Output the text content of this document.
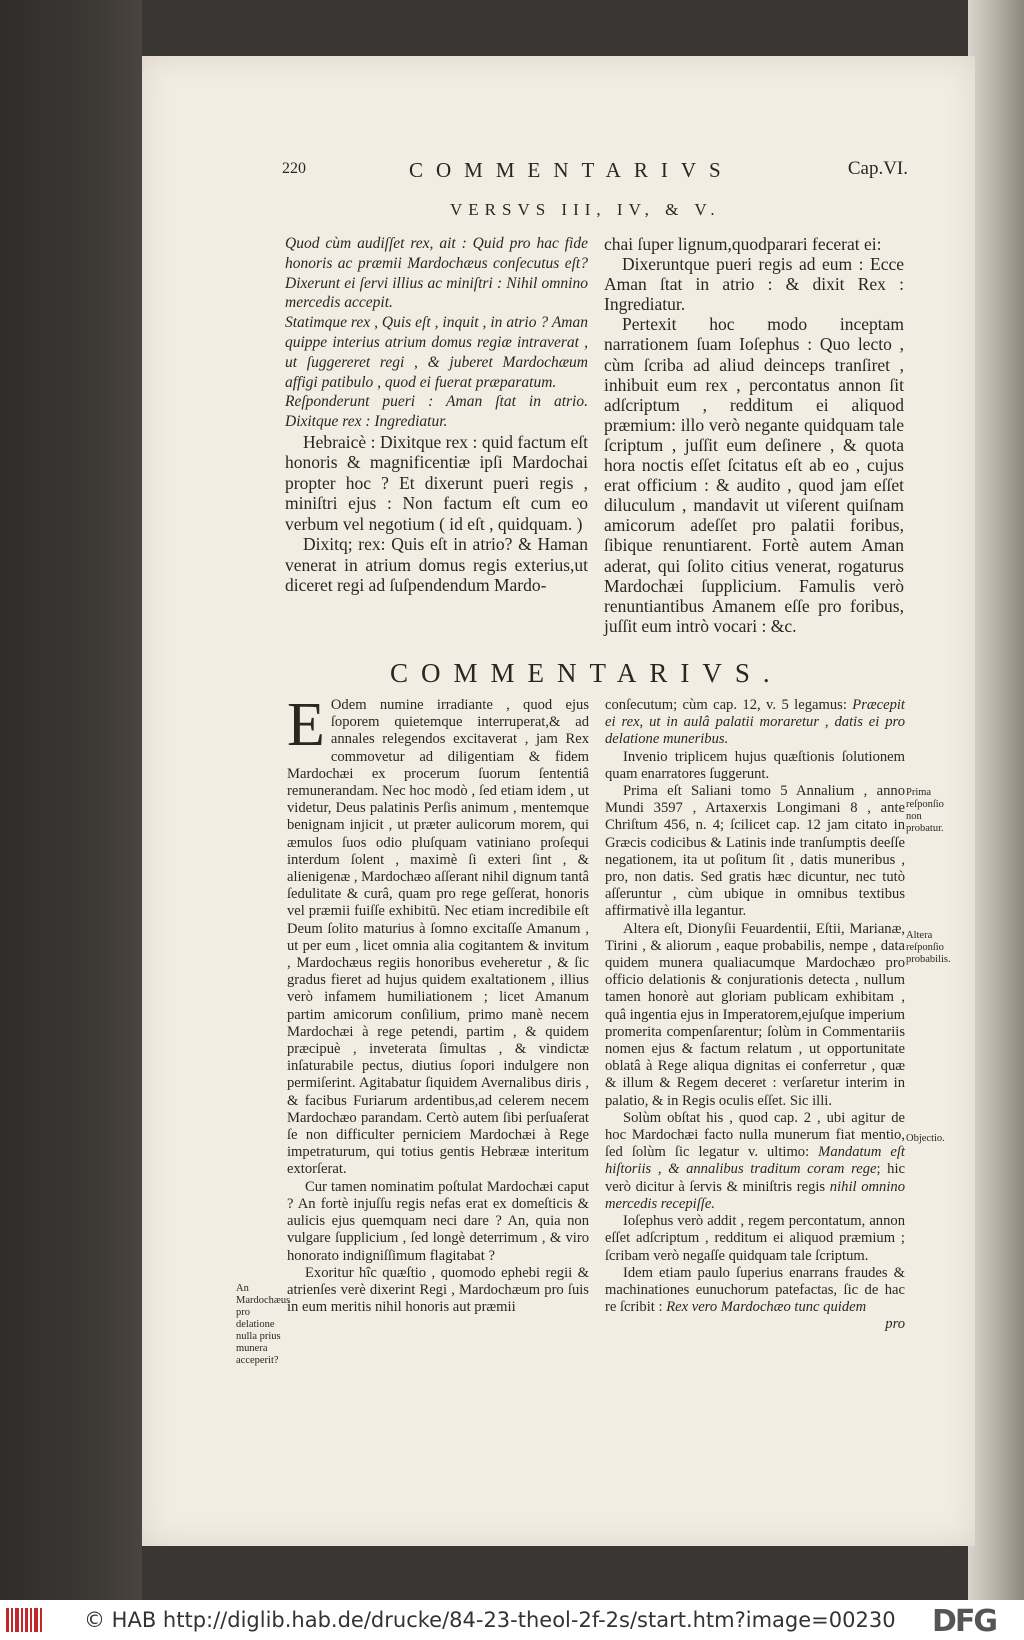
220	COMMENTARIVS	Cap.VI.
VERSVS III, IV, & V.

Quod cùm audiſſet rex, ait : Quid pro hac fide honoris ac præmii Mardochæus conſecutus eſt? Dixerunt ei ſervi illius ac miniſtri : Nihil omnino mercedis accepit.

Statimque rex , Quis eſt , inquit , in atrio ? Aman quippe interius atrium domus regiæ intraverat , ut ſuggereret regi , & juberet Mardochæum affigi patibulo , quod ei fuerat præparatum.

Reſponderunt pueri : Aman ſtat in atrio. Dixitque rex : Ingrediatur.

Hebraicè : Dixitque rex : quid factum eſt honoris & magnificentiæ ipſi Mardochai propter hoc ? Et dixerunt pueri regis , miniſtri ejus : Non factum eſt cum eo verbum vel negotium ( id eſt , quidquam. )

Dixitq; rex: Quis eſt in atrio? & Haman venerat in atrium domus regis exterius,ut diceret regi ad ſuſpendendum Mardo-

chai ſuper lignum,quodparari fecerat ei:

Dixeruntque pueri regis ad eum : Ecce Aman ſtat in atrio : & dixit Rex : Ingrediatur.

Pertexit hoc modo inceptam narrationem ſuam Ioſephus : Quo lecto , cùm ſcriba ad aliud deinceps tranſiret , inhibuit eum rex , percontatus annon ſit adſcriptum , redditum ei aliquod præmium: illo verò negante quidquam tale ſcriptum , juſſit eum deſinere , & quota hora noctis eſſet ſcitatus eſt ab eo , cujus erat officium : & audito , quod jam eſſet diluculum , mandavit ut viſerent quiſnam amicorum adeſſet pro palatii foribus, ſibique renuntiarent. Fortè autem Aman aderat, qui ſolito citius venerat, rogaturus Mardochæi ſupplicium. Famulis verò renuntiantibus Amanem eſſe pro foribus, juſſit eum intrò vocari : &c.

COMMENTARIVS.

E Odem numine irradiante , quod ejus ſoporem quietemque interruperat,& ad annales relegendos excitaverat , jam Rex commovetur ad diligentiam & fidem Mardochæi ex procerum ſuorum ſententiâ remunerandam. Nec hoc modò , ſed etiam idem , ut videtur, Deus palatinis Perſis animum , mentemque benignam injicit , ut præter aulicorum morem, qui æmulos ſuos odio pluſquam vatiniano proſequi interdum ſolent , maximè ſi exteri ſint , & alienigenæ , Mardochæo aſſerant nihil dignum tantâ ſedulitate & curâ, quam pro rege geſſerat, honoris vel præmii fuiſſe exhibitū. Nec etiam incredibile eſt Deum ſolito maturius à ſomno excitaſſe Amanum , ut per eum , licet omnia alia cogitantem & invitum , Mardochæus regiis honoribus eveheretur , & ſic gradus fieret ad hujus quidem exaltationem , illius verò infamem humiliationem ; licet Amanum partim amicorum conſilium, primo manè necem Mardochæi à rege petendi, partim , & quidem præcipuè , inveterata ſimultas , & vindictæ inſaturabile pectus, diutius ſopori indulgere non permiſerint. Agitabatur ſiquidem Avernalibus diris , & facibus Furiarum ardentibus,ad celerem necem Mardochæo parandam. Certò autem ſibi perſuaſerat ſe non difficulter perniciem Mardochæi à Rege impetraturum, qui totius gentis Hebrææ interitum extorſerat.

Cur tamen nominatim poſtulat Mardochæi caput ? An fortè injuſſu regis nefas erat ex domeſticis & aulicis ejus quemquam neci dare ? An, quia non vulgare ſupplicium , ſed longè deterrimum , & viro honorato indigniſſimum flagitabat ?

Exoritur hîc quæſtio , quomodo ephebi regii & atrienſes verè dixerint Regi , Mardochæum pro ſuis in eum meritis nihil honoris aut præmii

conſecutum; cùm cap. 12, v. 5 legamus: Præcepit ei rex, ut in aulâ palatii moraretur , datis ei pro delatione muneribus.

Invenio triplicem hujus quæſtionis ſolutionem quam enarratores ſuggerunt.

Prima eſt Saliani tomo 5 Annalium , anno Mundi 3597 , Artaxerxis Longimani 8 , ante Chriſtum 456, n. 4; ſcilicet cap. 12 jam citato in Græcis codicibus & Latinis inde tranſumptis deeſſe negationem, ita ut poſitum ſit , datis muneribus , pro, non datis. Sed gratis hæc dicuntur, nec tutò aſſeruntur , cùm ubique in omnibus textibus affirmativè illa legantur.

Altera eſt, Dionyſii Feuardentii, Eſtii, Marianæ, Tirini , & aliorum , eaque probabilis, nempe , data quidem munera qualiacumque Mardochæo pro officio delationis & conjurationis detecta , nullum tamen honorè aut gloriam publicam exhibitam , quâ ingentia ejus in Imperatorem,ejuſque imperium promerita compenſarentur; ſolùm in Commentariis nomen ejus & factum relatum , ut opportunitate oblatâ à Rege aliqua dignitas ei conferretur , quæ & illum & Regem deceret : verſaretur interim in palatio, & in Regis oculis eſſet. Sic illi.

Solùm obſtat his , quod cap. 2 , ubi agitur de hoc Mardochæi facto nulla munerum fiat mentio, ſed ſolùm ſic legatur v. ultimo: Mandatum eſt hiſtoriis , & annalibus traditum coram rege; hic verò dicitur à ſervis & miniſtris regis nihil omnino mercedis recepiſſe.

Ioſephus verò addit , regem percontatum, annon eſſet adſcriptum , redditum ei aliquod præmium ; ſcribam verò negaſſe quidquam tale ſcriptum.

Idem etiam paulo ſuperius enarrans fraudes & machinationes eunuchorum patefactas, ſic de hac re ſcribit : Rex vero Mardochæo tunc quidem

pro

An Mardochæus pro delatione nulla prius munera acceperit?
Prima reſponſio non probatur.
Altera reſponſio probabilis.
Objectio.
© HAB http://diglib.hab.de/drucke/84-23-theol-2f-2s/start.htm?image=00230 DFG
